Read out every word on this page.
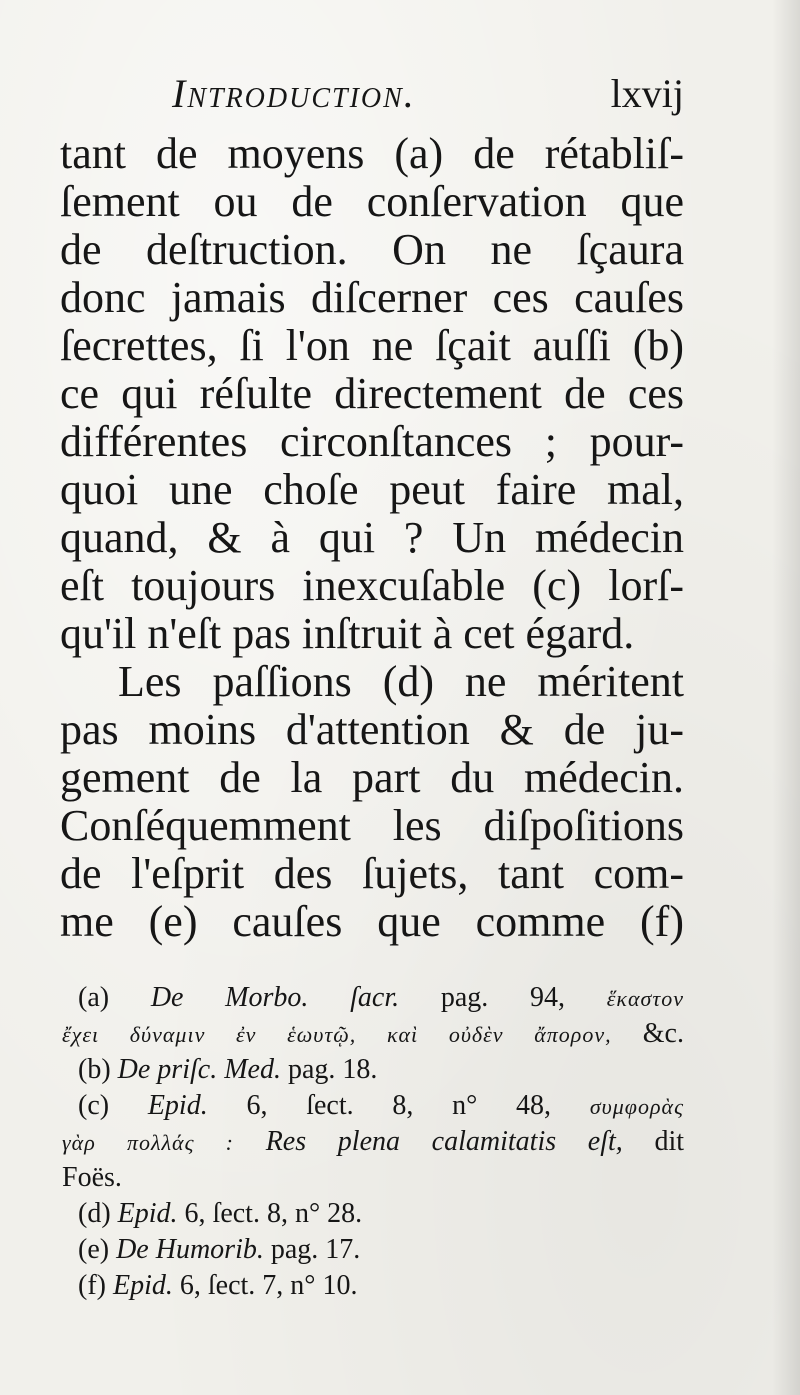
Introduction.	lxvij
tant de moyens (a) de rétabliſ-
ſement ou de conſervation que
de deſtruction. On ne ſçaura
donc jamais diſcerner ces cauſes
ſecrettes, ſi l'on ne ſçait auſſi (b)
ce qui réſulte directement de ces
différentes circonſtances ; pour-
quoi une choſe peut faire mal,
quand, & à qui ? Un médecin
eſt toujours inexcuſable (c) lorſ-
qu'il n'eſt pas inſtruit à cet égard.
Les paſſions (d) ne méritent
pas moins d'attention & de ju-
gement de la part du médecin.
Conſéquemment les diſpoſitions
de l'eſprit des ſujets, tant com-
me (e) cauſes que comme (f)
(a) De Morbo. ſacr. pag. 94, ἕκαστον
ἔχει δύναμιν ἐν ἑωυτῷ, καὶ οὐδὲν ἄπορον, &c.
(b) De priſc. Med. pag. 18.
(c) Epid. 6, ſect. 8, n° 48, συμφορὰς
γὰρ πολλάς : Res plena calamitatis eſt, dit
Foës.
(d) Epid. 6, ſect. 8, n° 28.
(e) De Humorib. pag. 17.
(f) Epid. 6, ſect. 7, n° 10.
